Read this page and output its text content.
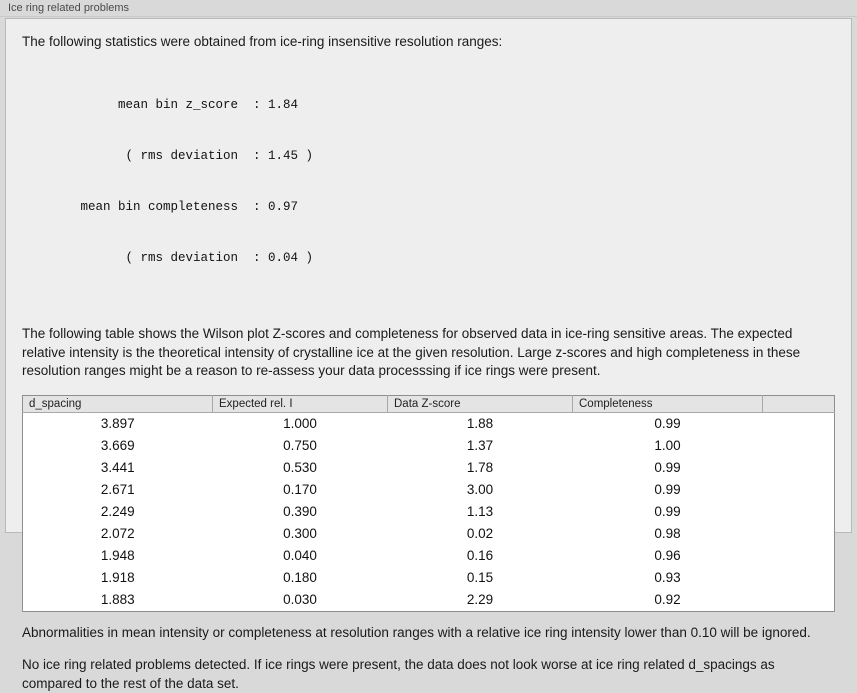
Ice ring related problems

The following statistics were obtained from ice-ring insensitive resolution ranges:

mean bin z_score  : 1.84

( rms deviation  : 1.45 )

mean bin completeness  : 0.97

( rms deviation  : 0.04 )

The following table shows the Wilson plot Z-scores and completeness for observed data in ice-ring sensitive areas. The expected relative intensity is the theoretical intensity of crystalline ice at the given resolution. Large z-scores and high completeness in these resolution ranges might be a reason to re-assess your data processsing if ice rings were present.

d_spacing	Expected rel. I	Data Z-score	Completeness	
3.897	1.000	1.88	0.99	
3.669	0.750	1.37	1.00	
3.441	0.530	1.78	0.99	
2.671	0.170	3.00	0.99	
2.249	0.390	1.13	0.99	
2.072	0.300	0.02	0.98	
1.948	0.040	0.16	0.96	
1.918	0.180	0.15	0.93	
1.883	0.030	2.29	0.92	

Abnormalities in mean intensity or completeness at resolution ranges with a relative ice ring intensity lower than 0.10 will be ignored.

No ice ring related problems detected. If ice rings were present, the data does not look worse at ice ring related d_spacings as compared to the rest of the data set.
